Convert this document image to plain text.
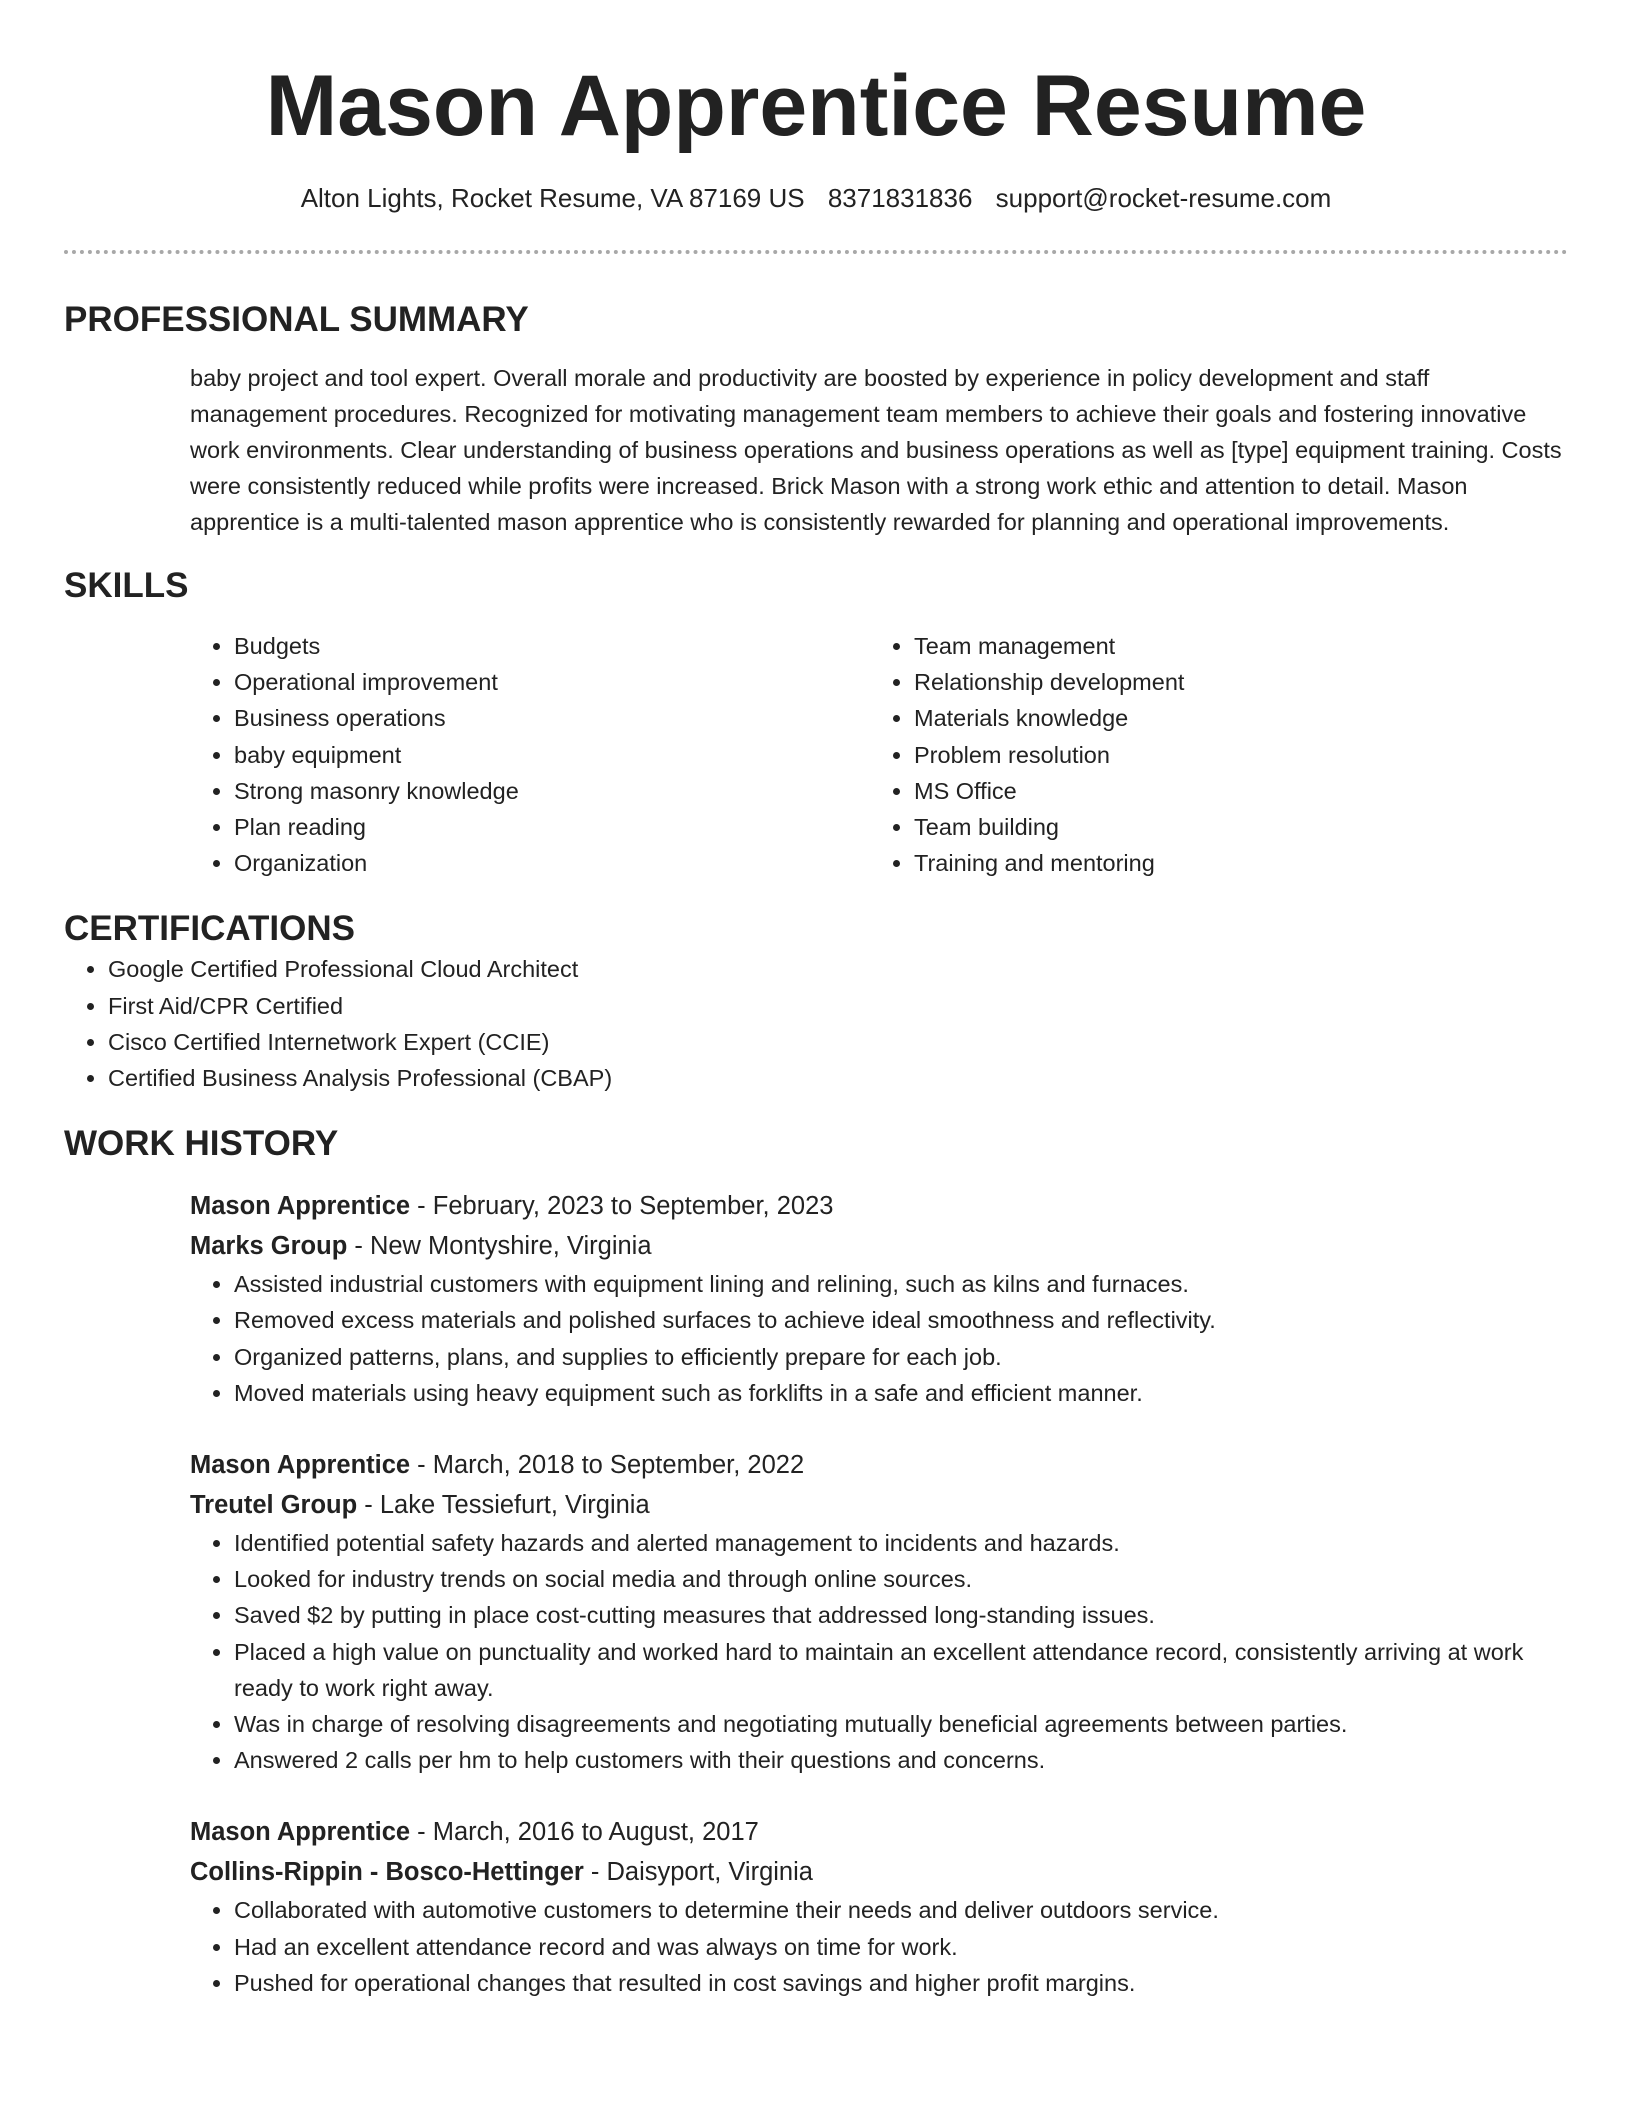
Mason Apprentice Resume
Alton Lights, Rocket Resume, VA 87169 US 8371831836 support@rocket-resume.com
PROFESSIONAL SUMMARY

baby project and tool expert. Overall morale and productivity are boosted by experience in policy development and staff management procedures. Recognized for motivating management team members to achieve their goals and fostering innovative work environments. Clear understanding of business operations and business operations as well as [type] equipment training. Costs were consistently reduced while profits were increased. Brick Mason with a strong work ethic and attention to detail. Mason apprentice is a multi-talented mason apprentice who is consistently rewarded for planning and operational improvements.

SKILLS
• Budgets
• Operational improvement
• Business operations
• baby equipment
• Strong masonry knowledge
• Plan reading
• Organization
• Team management
• Relationship development
• Materials knowledge
• Problem resolution
• MS Office
• Team building
• Training and mentoring
CERTIFICATIONS
• Google Certified Professional Cloud Architect
• First Aid/CPR Certified
• Cisco Certified Internetwork Expert (CCIE)
• Certified Business Analysis Professional (CBAP)
WORK HISTORY
Mason Apprentice - February, 2023 to September, 2023
Marks Group - New Montyshire, Virginia
• Assisted industrial customers with equipment lining and relining, such as kilns and furnaces.
• Removed excess materials and polished surfaces to achieve ideal smoothness and reflectivity.
• Organized patterns, plans, and supplies to efficiently prepare for each job.
• Moved materials using heavy equipment such as forklifts in a safe and efficient manner.
Mason Apprentice - March, 2018 to September, 2022
Treutel Group - Lake Tessiefurt, Virginia
• Identified potential safety hazards and alerted management to incidents and hazards.
• Looked for industry trends on social media and through online sources.
• Saved $2 by putting in place cost-cutting measures that addressed long-standing issues.
• Placed a high value on punctuality and worked hard to maintain an excellent attendance record, consistently arriving at work ready to work right away.
• Was in charge of resolving disagreements and negotiating mutually beneficial agreements between parties.
• Answered 2 calls per hm to help customers with their questions and concerns.
Mason Apprentice - March, 2016 to August, 2017
Collins-Rippin - Bosco-Hettinger - Daisyport, Virginia
• Collaborated with automotive customers to determine their needs and deliver outdoors service.
• Had an excellent attendance record and was always on time for work.
• Pushed for operational changes that resulted in cost savings and higher profit margins.
